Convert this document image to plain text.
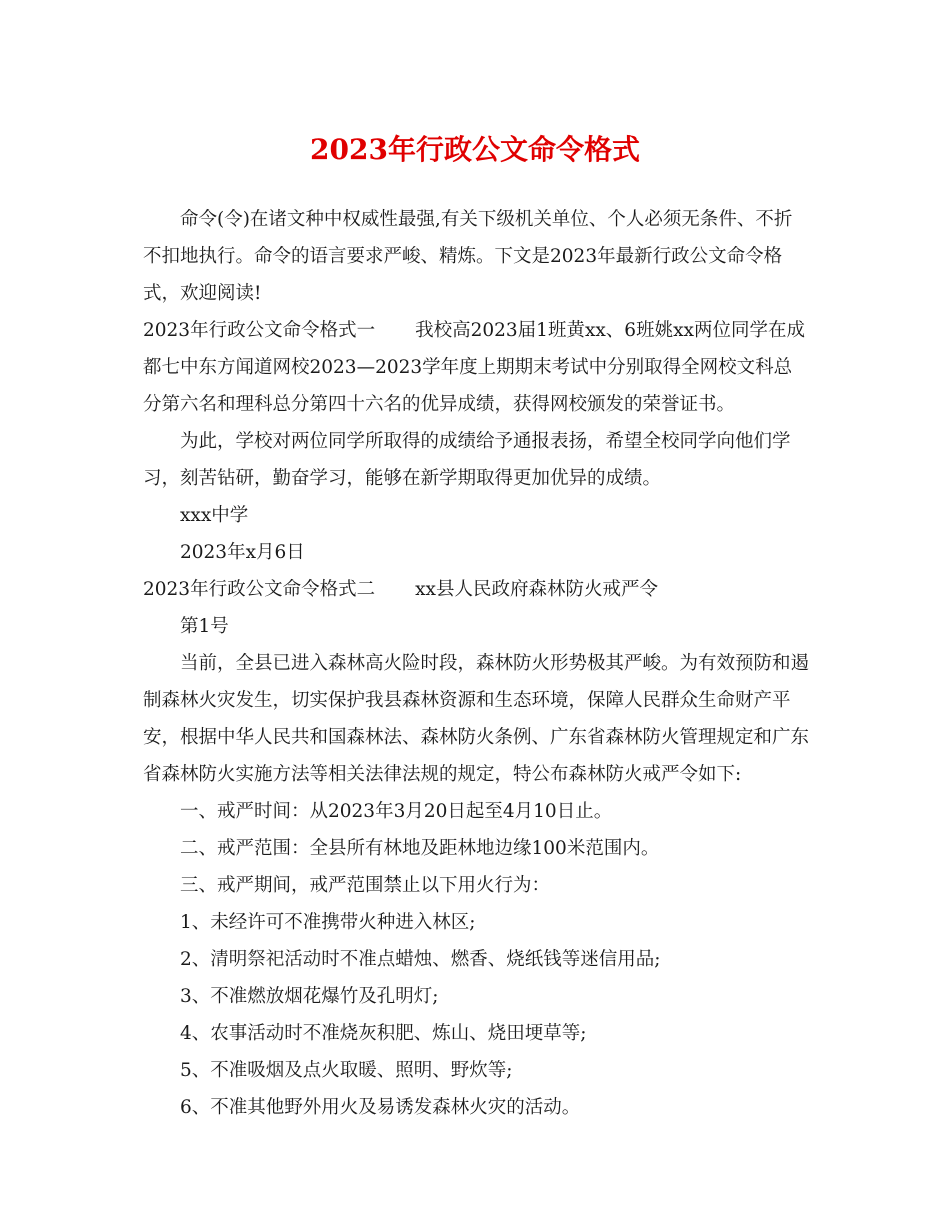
2023年行政公文命令格式

命令(令)在诸文种中权威性最强,有关下级机关单位、个人必须无条件、不折不扣地执行。命令的语言要求严峻、精炼。下文是2023年最新行政公文命令格式，欢迎阅读!

2023年行政公文命令格式一 我校高2023届1班黄xx、6班姚xx两位同学在成都七中东方闻道网校2023—2023学年度上期期末考试中分别取得全网校文科总分第六名和理科总分第四十六名的优异成绩，获得网校颁发的荣誉证书。

为此，学校对两位同学所取得的成绩给予通报表扬，希望全校同学向他们学习，刻苦钻研，勤奋学习，能够在新学期取得更加优异的成绩。

xxx中学

2023年x月6日

2023年行政公文命令格式二 xx县人民政府森林防火戒严令

第1号

当前，全县已进入森林高火险时段，森林防火形势极其严峻。为有效预防和遏制森林火灾发生，切实保护我县森林资源和生态环境，保障人民群众生命财产平安，根据中华人民共和国森林法、森林防火条例、广东省森林防火管理规定和广东省森林防火实施方法等相关法律法规的规定，特公布森林防火戒严令如下:

一、戒严时间：从2023年3月20日起至4月10日止。

二、戒严范围：全县所有林地及距林地边缘100米范围内。

三、戒严期间，戒严范围禁止以下用火行为：

1、未经许可不准携带火种进入林区;

2、清明祭祀活动时不准点蜡烛、燃香、烧纸钱等迷信用品;

3、不准燃放烟花爆竹及孔明灯;

4、农事活动时不准烧灰积肥、炼山、烧田埂草等;

5、不准吸烟及点火取暖、照明、野炊等;

6、不准其他野外用火及易诱发森林火灾的活动。
